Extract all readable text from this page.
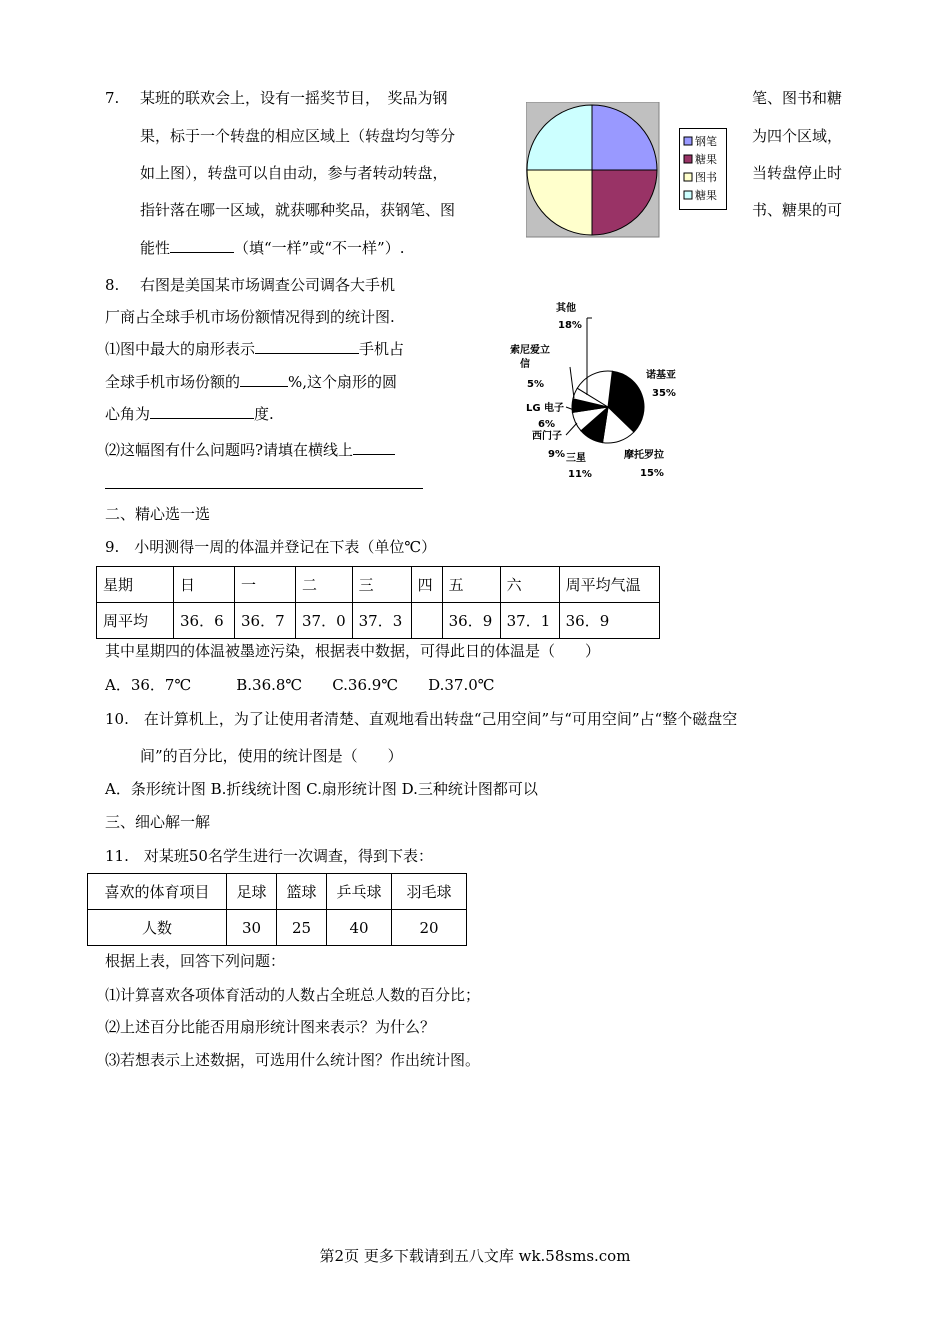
7. 某班的联欢会上，设有一摇奖节目，　奖品为钢	笔、图书和糖
果，标于一个转盘的相应区域上（转盘均匀等分	为四个区域，
如上图），转盘可以自由动，参与者转动转盘，	当转盘停止时
指针落在哪一区域，就获哪种奖品，获钢笔、图	书、糖果的可
能性	（填“一样”或“不一样”）.
钢笔
糖果
图书
糖果
8. 右图是美国某市场调查公司调各大手机
厂商占全球手机市场份额情况得到的统计图.
⑴图中最大的扇形表示	手机占
全球手机市场份额的	%,这个扇形的圆
心角为	度.
⑵这幅图有什么问题吗?请填在横线上
其他
18%
索尼爱立
信
5%
LG 电子
6%
西门子
9% 三星
11%
摩托罗拉
15%
诺基亚
35%
二、精心选一选
9.　小明测得一周的体温并登记在下表（单位℃）
星期	日	一	二	三	四	五	六	周平均气温
周平均	36．6	36．7	37．0	37．3		36．9	37．1	36．9
其中星期四的体温被墨迹污染，根据表中数据，可得此日的体温是（　　）
A．36．7℃　　　B.36.8℃　　C.36.9℃　　D.37.0℃
10.　在计算机上，为了让使用者清楚、直观地看出转盘“己用空间”与“可用空间”占“整个磁盘空
间”的百分比，使用的统计图是（　　）
A．条形统计图 B.折线统计图 C.扇形统计图 D.三种统计图都可以
三、细心解一解
11.　对某班50名学生进行一次调查，得到下表：
喜欢的体育项目	足球	篮球	乒乓球	羽毛球
人数	30	25	40	20
根据上表，回答下列问题：
⑴计算喜欢各项体育活动的人数占全班总人数的百分比；
⑵上述百分比能否用扇形统计图来表示？为什么？
⑶若想表示上述数据，可选用什么统计图？作出统计图。
第2页 更多下载请到五八文库 wk.58sms.com
